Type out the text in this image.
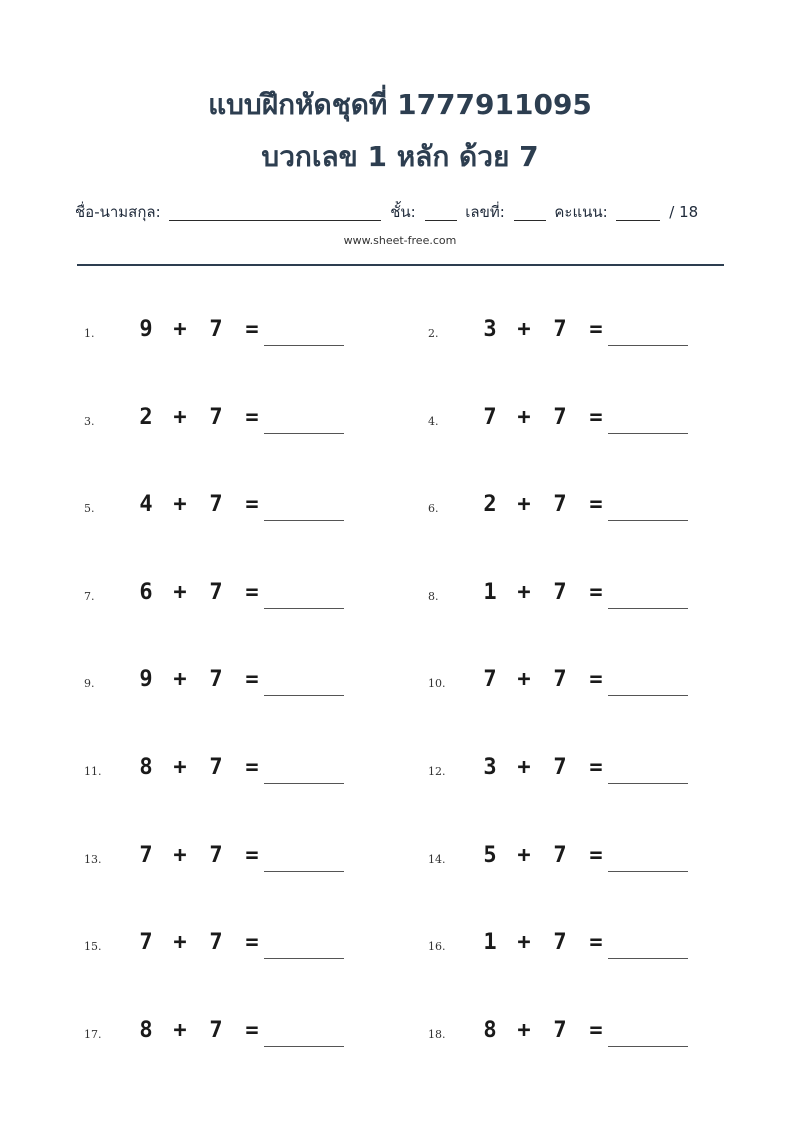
แบบฝึกหัดชุดที่ 1777911095
บวกเลข 1 หลัก ด้วย 7
ชื่อ-นามสกุล:	ชั้น:	เลขที่:	คะแนน:	/ 18
www.sheet-free.com
1. 9 + 7 =	2. 3 + 7 =
3. 2 + 7 =	4. 7 + 7 =
5. 4 + 7 =	6. 2 + 7 =
7. 6 + 7 =	8. 1 + 7 =
9. 9 + 7 =	10. 7 + 7 =
11. 8 + 7 =	12. 3 + 7 =
13. 7 + 7 =	14. 5 + 7 =
15. 7 + 7 =	16. 1 + 7 =
17. 8 + 7 =	18. 8 + 7 =
